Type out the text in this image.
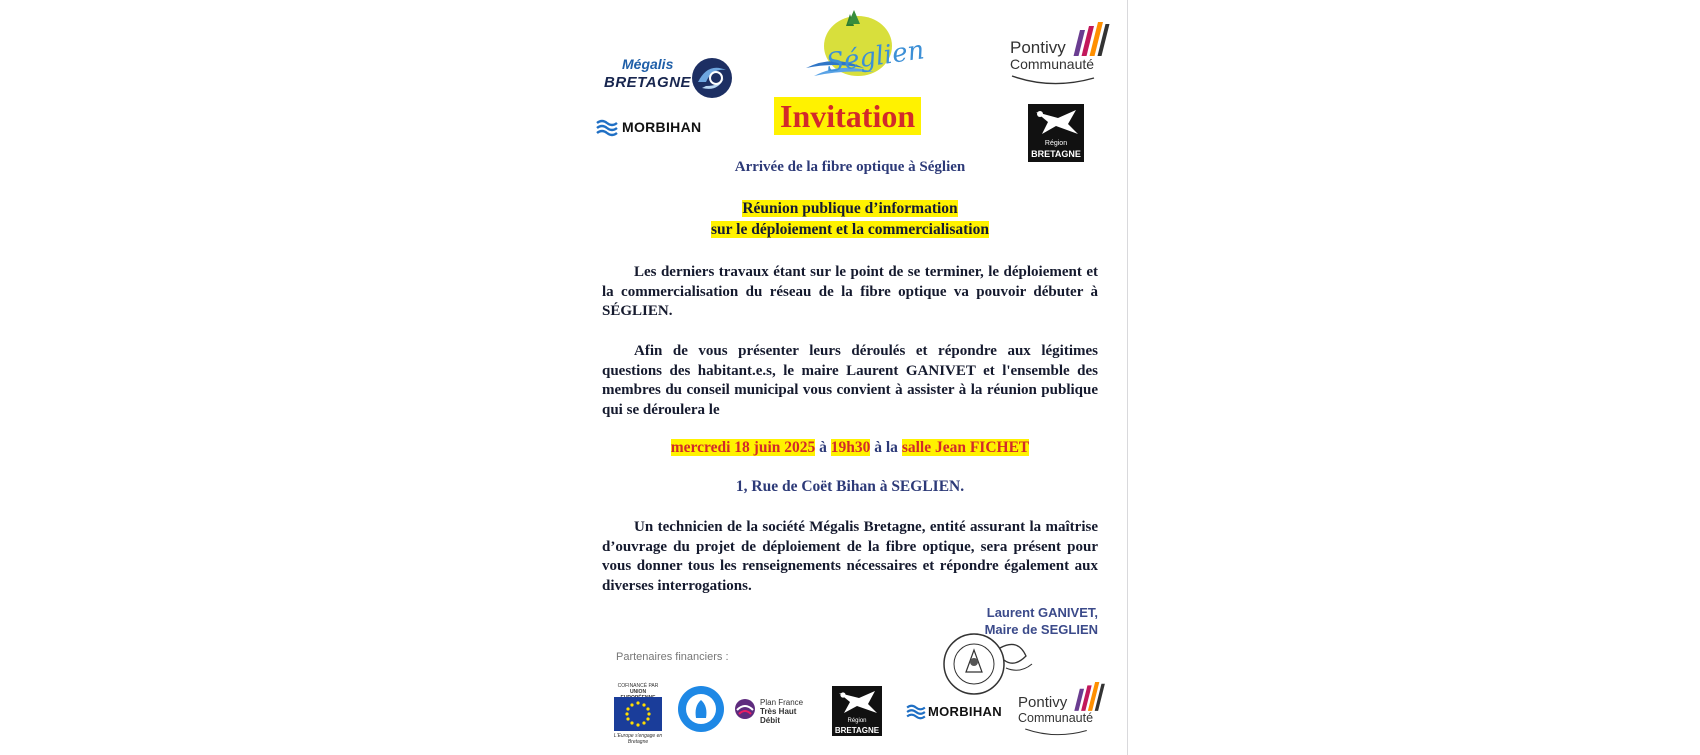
Mégalis
BRETAGNE
Séglien	Pontivy
Communauté
MORBIHAN
Région
BRETAGNE
Invitation
Arrivée de la fibre optique à Séglien
Réunion publique d’information
sur le déploiement et la commercialisation

Les derniers travaux étant sur le point de se terminer, le déploiement et la commercialisation du réseau de la fibre optique va pouvoir débuter à SÉGLIEN.

Afin de vous présenter leurs déroulés et répondre aux légitimes questions des habitant.e.s, le maire Laurent GANIVET et l'ensemble des membres du conseil municipal vous convient à assister à la réunion publique qui se déroulera le

mercredi 18 juin 2025 à 19h30 à la salle Jean FICHET
1, Rue de Coët Bihan à SEGLIEN.

Un technicien de la société Mégalis Bretagne, entité assurant la maîtrise d’ouvrage du projet de déploiement de la fibre optique, sera présent pour vous donner tous les renseignements nécessaires et répondre également aux diverses interrogations.

Laurent GANIVET,
Maire de SEGLIEN
Partenaires financiers :
COFINANCÉ PAR
UNION
L'Europe s'engage en Bretagne
Plan France
Très Haut Débit	Région
BRETAGNE
MORBIHAN
Pontivy
Communauté
